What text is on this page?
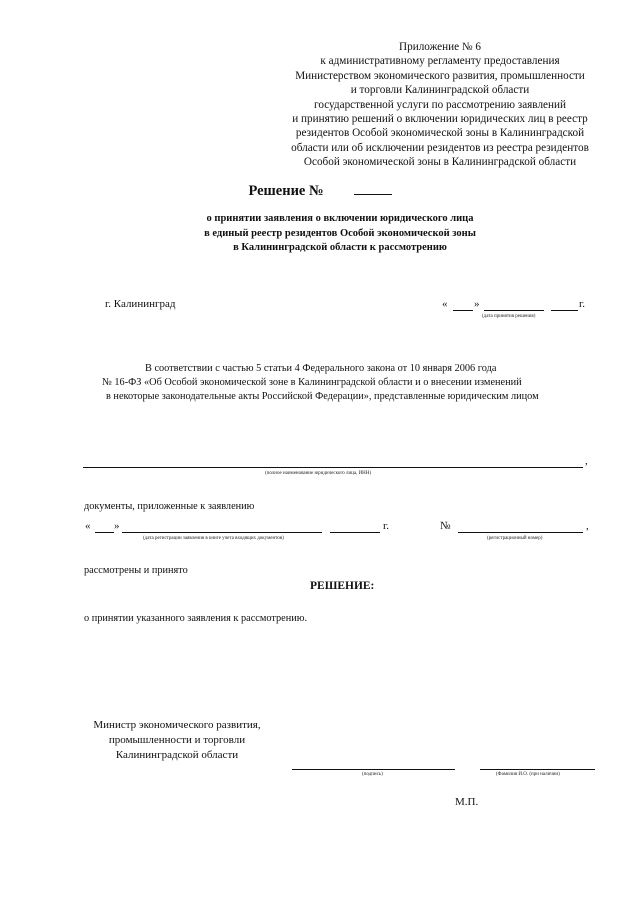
Приложение № 6
к административному регламенту предоставления
Министерством экономического развития, промышленности
и торговли Калининградской области
государственной услуги по рассмотрению заявлений
и принятию решений о включении юридических лиц в реестр
резидентов Особой экономической зоны в Калининградской
области или об исключении резидентов из реестра резидентов
Особой экономической зоны в Калининградской области
Решение №
о принятии заявления о включении юридического лица
в единый реестр резидентов Особой экономической зоны
в Калининградской области к рассмотрению
г. Калининград	« »	г.
(дата принятия решения)
В соответствии с частью 5 статьи 4 Федерального закона от 10 января 2006 года
№ 16-ФЗ «Об Особой экономической зоне в Калининградской области и о внесении изменений
в некоторые законодательные акты Российской Федерации», представленные юридическим лицом
,
(полное наименование юридического лица, ИНН)
документы, приложенные к заявлению
« »	г.
(дата регистрации заявления в книге учета входящих документов)
№	,
(регистрационный номер)
рассмотрены и принято
РЕШЕНИЕ:
о принятии указанного заявления к рассмотрению.
Министр экономического развития,
промышленности и торговли
Калининградской области
(подпись)	(Фамилия И.О. (при наличии)
М.П.
